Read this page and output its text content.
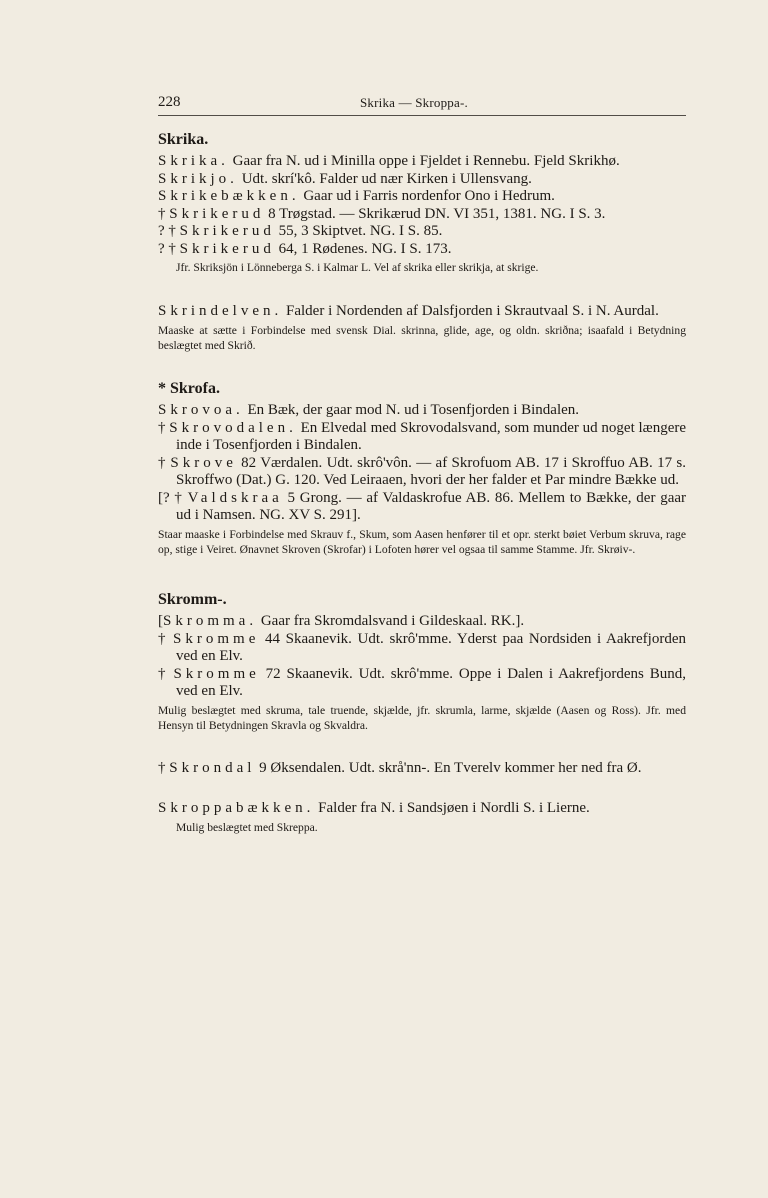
228	Skrika — Skroppa-.
Skrika.

Skrika. Gaar fra N. ud i Minilla oppe i Fjeldet i Rennebu. Fjeld Skrikhø.

Skrikjo. Udt. skrí'kô. Falder ud nær Kirken i Ullensvang.

Skrikebækken. Gaar ud i Farris nordenfor Ono i Hedrum.

† Skrikerud 8 Trøgstad. — Skrikærud DN. VI 351, 1381. NG. I S. 3.

? † Skrikerud 55, 3 Skiptvet. NG. I S. 85.

? † Skrikerud 64, 1 Rødenes. NG. I S. 173.

Jfr. Skriksjön i Lönneberga S. i Kalmar L. Vel af skrika eller skrikja, at skrige.

Skrindelven. Falder i Nordenden af Dalsfjorden i Skrautvaal S. i N. Aurdal.

Maaske at sætte i Forbindelse med svensk Dial. skrinna, glide, age, og oldn. skriðna; isaafald i Betydning beslægtet med Skrið.

* Skrofa.

Skrovoa. En Bæk, der gaar mod N. ud i Tosenfjorden i Bindalen.

† Skrovodalen. En Elvedal med Skrovodalsvand, som munder ud noget længere inde i Tosenfjorden i Bindalen.

† Skrove 82 Værdalen. Udt. skrô'vôn. — af Skrofuom AB. 17 i Skroffuo AB. 17 s. Skroffwo (Dat.) G. 120. Ved Leiraaen, hvori der her falder et Par mindre Bække ud.

[? † Valdskraa 5 Grong. — af Valdaskrofue AB. 86. Mellem to Bække, der gaar ud i Namsen. NG. XV S. 291].

Staar maaske i Forbindelse med Skrauv f., Skum, som Aasen henfører til et opr. sterkt bøiet Verbum skruva, rage op, stige i Veiret. Ønavnet Skroven (Skrofar) i Lofoten hører vel ogsaa til samme Stamme. Jfr. Skrøiv-.

Skromm-.

[Skromma. Gaar fra Skromdalsvand i Gildeskaal. RK.].

† Skromme 44 Skaanevik. Udt. skrô'mme. Yderst paa Nordsiden i Aakrefjorden ved en Elv.

† Skromme 72 Skaanevik. Udt. skrô'mme. Oppe i Dalen i Aakrefjordens Bund, ved en Elv.

Mulig beslægtet med skruma, tale truende, skjælde, jfr. skrumla, larme, skjælde (Aasen og Ross). Jfr. med Hensyn til Betydningen Skravla og Skvaldra.

† Skrondal 9 Øksendalen. Udt. skrå'nn-. En Tverelv kommer her ned fra Ø.

Skroppabækken. Falder fra N. i Sandsjøen i Nordli S. i Lierne.

Mulig beslægtet med Skreppa.
